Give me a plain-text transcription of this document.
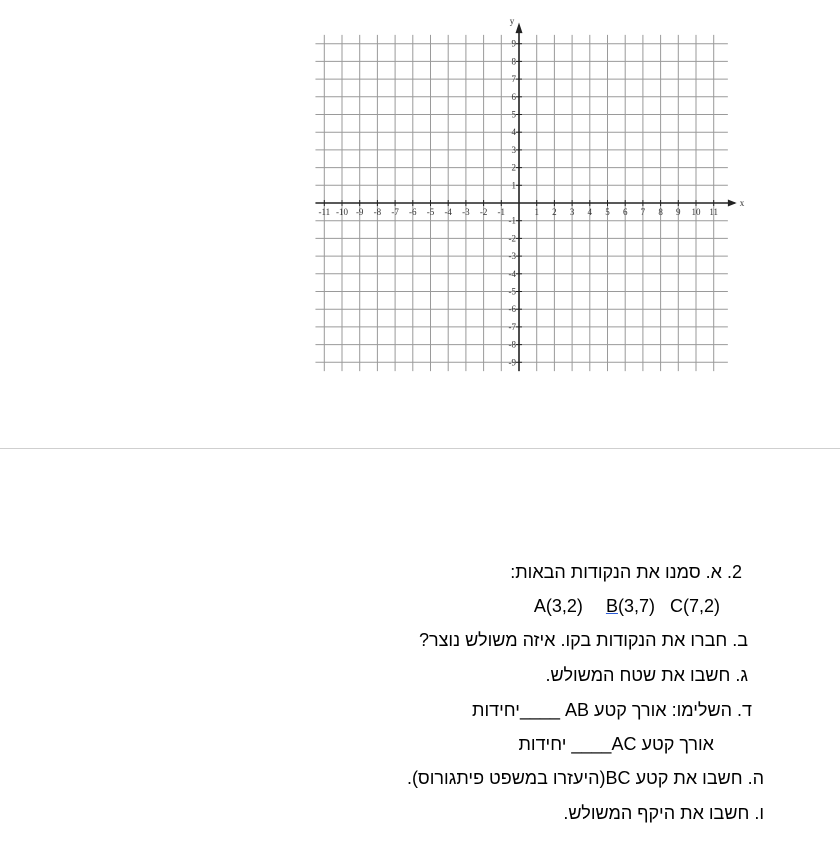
-11 -10 -9 -8 -7 -6 -5 -4 -3 -2 -1	1 2 3 4 5 6 7 8 9 10 11
1
2
3
4
5
6
7
8
9
-1
-2
-3
-4
-5
-6
-7
-8
-9
x
y
2. א. סמנו את הנקודות הבאות:
A(3,2) B(3,7) C(7,2)
ב. חברו את הנקודות בקו. איזה משולש נוצר?
ג. חשבו את שטח המשולש.
ד. השלימו: אורך קטע AB ____יחידות
אורך קטע AC____ יחידות
ה. חשבו את קטע BC(היעזרו במשפט פיתגורוס).
ו. חשבו את היקף המשולש.
